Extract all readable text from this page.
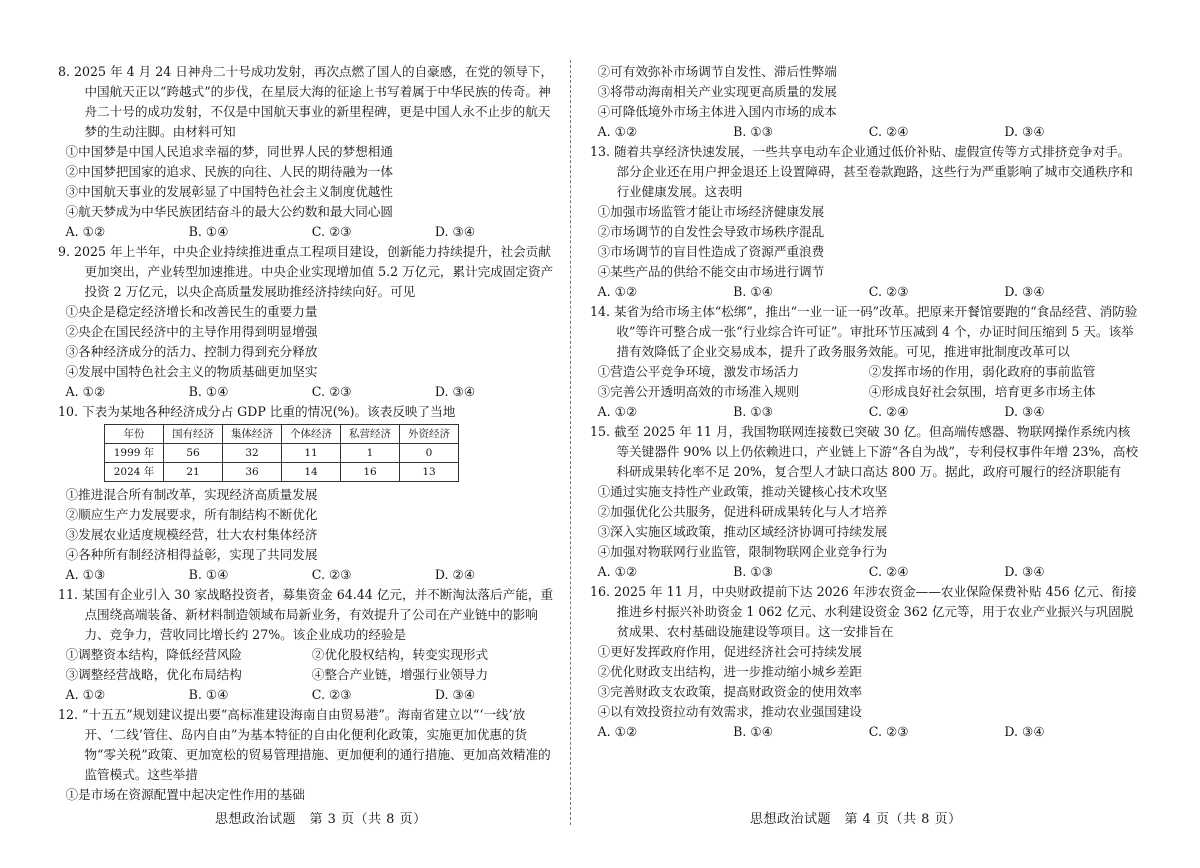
8. 2025 年 4 月 24 日神舟二十号成功发射，再次点燃了国人的自豪感，在党的领导下，中国航天正以“跨越式”的步伐，在星辰大海的征途上书写着属于中华民族的传奇。神舟二十号的成功发射，不仅是中国航天事业的新里程碑，更是中国人永不止步的航天梦的生动注脚。由材料可知

①中国梦是中国人民追求幸福的梦，同世界人民的梦想相通

②中国梦把国家的追求、民族的向往、人民的期待融为一体

③中国航天事业的发展彰显了中国特色社会主义制度优越性

④航天梦成为中华民族团结奋斗的最大公约数和最大同心圆

A. ①②	B. ①④	C. ②③	D. ③④

9. 2025 年上半年，中央企业持续推进重点工程项目建设，创新能力持续提升，社会贡献更加突出，产业转型加速推进。中央企业实现增加值 5.2 万亿元，累计完成固定资产投资 2 万亿元，以央企高质量发展助推经济持续向好。可见

①央企是稳定经济增长和改善民生的重要力量

②央企在国民经济中的主导作用得到明显增强

③各种经济成分的活力、控制力得到充分释放

④发展中国特色社会主义的物质基础更加坚实

A. ①②	B. ①④	C. ②③	D. ③④

10. 下表为某地各种经济成分占 GDP 比重的情况(%)。该表反映了当地

年份	国有经济	集体经济	个体经济	私营经济	外资经济
1999 年	56	32	11	1	0
2024 年	21	36	14	16	13

①推进混合所有制改革，实现经济高质量发展

②顺应生产力发展要求，所有制结构不断优化

③发展农业适度规模经营，壮大农村集体经济

④各种所有制经济相得益彰，实现了共同发展

A. ①③	B. ①④	C. ②③	D. ②④

11. 某国有企业引入 30 家战略投资者，募集资金 64.44 亿元，并不断淘汰落后产能，重点围绕高端装备、新材料制造领域布局新业务，有效提升了公司在产业链中的影响力、竞争力，营收同比增长约 27%。该企业成功的经验是

①调整资本结构，降低经营风险	②优化股权结构，转变实现形式
③调整经营战略，优化布局结构	④整合产业链，增强行业领导力
A. ①②	B. ①④	C. ②③	D. ③④

12. “十五五”规划建议提出要“高标准建设海南自由贸易港”。海南省建立以“‘一线’放开、‘二线’管住、岛内自由”为基本特征的自由化便利化政策，实施更加优惠的货物“零关税”政策、更加宽松的贸易管理措施、更加便利的通行措施、更加高效精准的监管模式。这些举措

①是市场在资源配置中起决定性作用的基础

②可有效弥补市场调节自发性、滞后性弊端

③将带动海南相关产业实现更高质量的发展

④可降低境外市场主体进入国内市场的成本

A. ①②	B. ①③	C. ②④	D. ③④

13. 随着共享经济快速发展，一些共享电动车企业通过低价补贴、虚假宣传等方式排挤竞争对手。部分企业还在用户押金退还上设置障碍，甚至卷款跑路，这些行为严重影响了城市交通秩序和行业健康发展。这表明

①加强市场监管才能让市场经济健康发展

②市场调节的自发性会导致市场秩序混乱

③市场调节的盲目性造成了资源严重浪费

④某些产品的供给不能交由市场进行调节

A. ①②	B. ①④	C. ②③	D. ③④

14. 某省为给市场主体“松绑”，推出“一业一证一码”改革。把原来开餐馆要跑的“食品经营、消防验收”等许可整合成一张“行业综合许可证”。审批环节压减到 4 个，办证时间压缩到 5 天。该举措有效降低了企业交易成本，提升了政务服务效能。可见，推进审批制度改革可以

①营造公平竞争环境，激发市场活力	②发挥市场的作用，弱化政府的事前监管
③完善公开透明高效的市场准入规则	④形成良好社会氛围，培育更多市场主体
A. ①②	B. ①③	C. ②④	D. ③④

15. 截至 2025 年 11 月，我国物联网连接数已突破 30 亿。但高端传感器、物联网操作系统内核等关键器件 90% 以上仍依赖进口，产业链上下游“各自为战”，专利侵权事件年增 23%，高校科研成果转化率不足 20%，复合型人才缺口高达 800 万。据此，政府可履行的经济职能有

①通过实施支持性产业政策，推动关键核心技术攻坚

②加强优化公共服务，促进科研成果转化与人才培养

③深入实施区域政策，推动区域经济协调可持续发展

④加强对物联网行业监管，限制物联网企业竞争行为

A. ①②	B. ①③	C. ②④	D. ③④

16. 2025 年 11 月，中央财政提前下达 2026 年涉农资金——农业保险保费补贴 456 亿元、衔接推进乡村振兴补助资金 1 062 亿元、水利建设资金 362 亿元等，用于农业产业振兴与巩固脱贫成果、农村基础设施建设等项目。这一安排旨在

①更好发挥政府作用，促进经济社会可持续发展

②优化财政支出结构，进一步推动缩小城乡差距

③完善财政支农政策，提高财政资金的使用效率

④以有效投资拉动有效需求，推动农业强国建设

A. ①②	B. ①④	C. ②③	D. ③④
思想政治试题　第 3 页（共 8 页）	思想政治试题　第 4 页（共 8 页）
